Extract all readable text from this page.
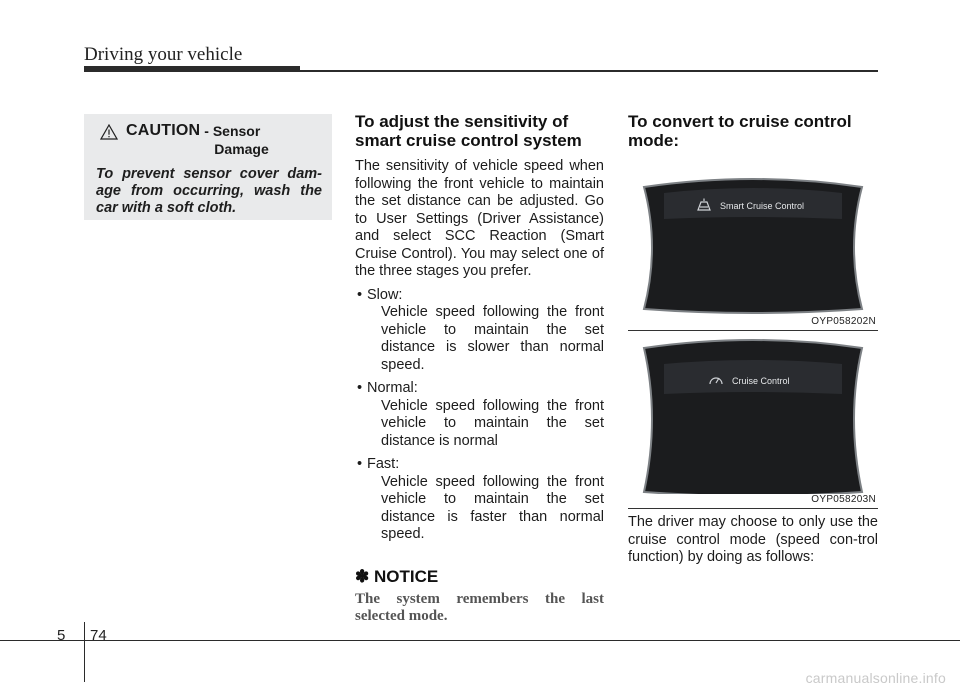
Driving your vehicle
CAUTION - Sensor
Damage
To prevent sensor cover dam-age from occurring, wash the car with a soft cloth.
To adjust the sensitivity of
smart cruise control system
The sensitivity of vehicle speed when following the front vehicle to maintain the set distance can be adjusted. Go to User Settings (Driver Assistance) and select SCC Reaction (Smart Cruise Control). You may select one of the three stages you prefer.
• Slow:
Vehicle speed following the front vehicle to maintain the set distance is slower than normal speed.
• Normal:
Vehicle speed following the front vehicle to maintain the set distance is normal
• Fast:
Vehicle speed following the front vehicle to maintain the set distance is faster than normal speed.
✽ NOTICE
The system remembers the last selected mode.
To convert to cruise control
mode:
Smart Cruise Control
OYP058202N
Cruise Control
OYP058203N
The driver may choose to only use the cruise control mode (speed con-trol function) by doing as follows:
5 74
carmanualsonline.info
